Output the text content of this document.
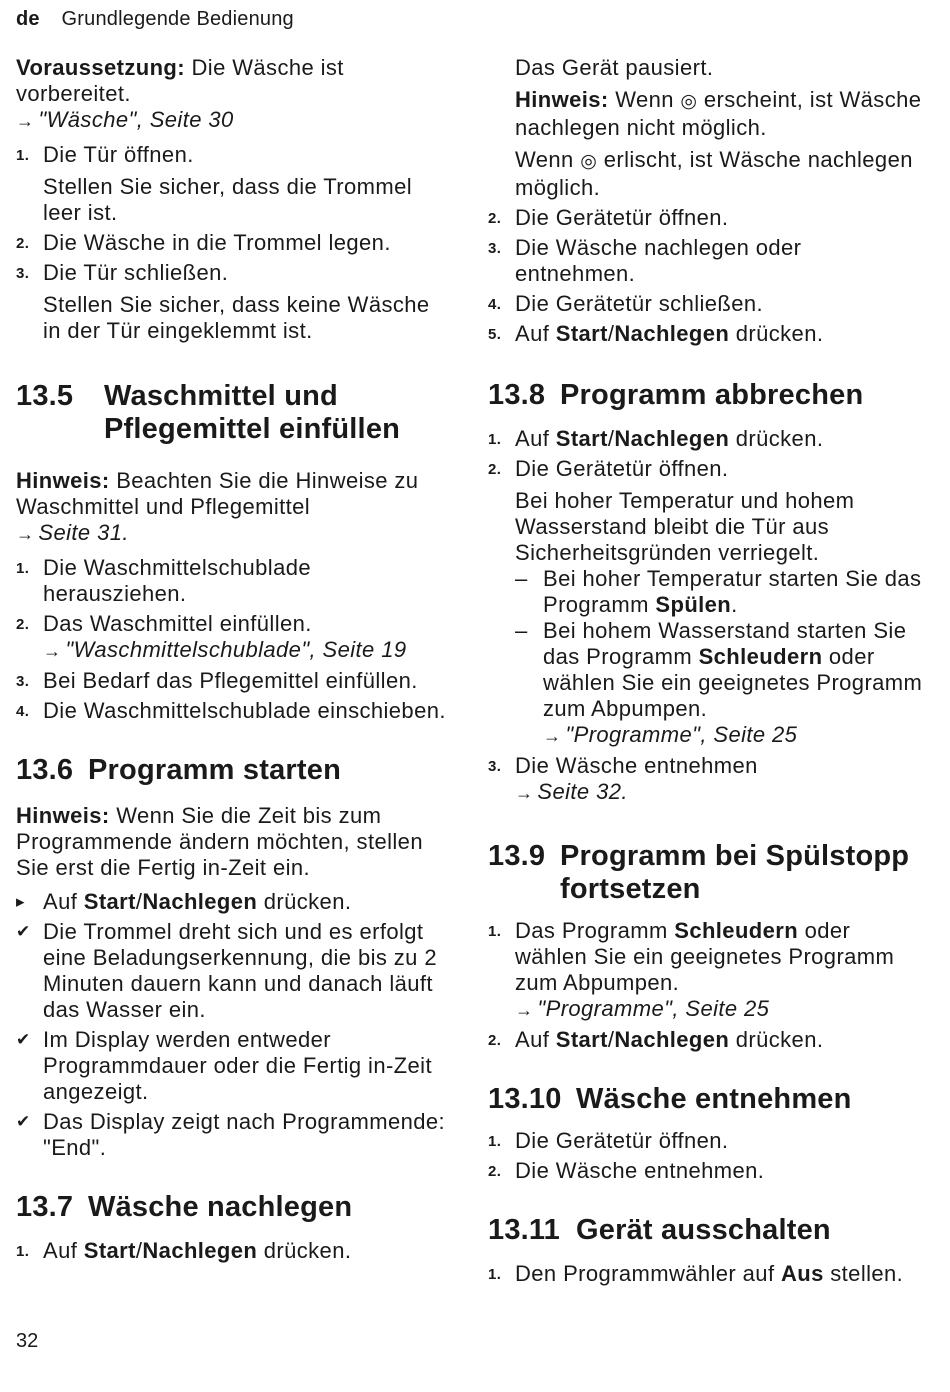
de Grundlegende Bedienung

Voraussetzung: Die Wäsche ist vorbereitet.
→ "Wäsche", Seite 30

1. Die Tür öffnen.
Stellen Sie sicher, dass die Trommel leer ist.
2. Die Wäsche in die Trommel legen.
3. Die Tür schließen.
Stellen Sie sicher, dass keine Wäsche in der Tür eingeklemmt ist.
13.5 Waschmittel und Pflegemittel einfüllen

Hinweis: Beachten Sie die Hinweise zu Waschmittel und Pflegemittel
→ Seite 31.

1. Die Waschmittelschublade herausziehen.
2. Das Waschmittel einfüllen.
→ "Waschmittelschublade", Seite 19
3. Bei Bedarf das Pflegemittel einfüllen.
4. Die Waschmittelschublade einschieben.
13.6 Programm starten

Hinweis: Wenn Sie die Zeit bis zum Programmende ändern möchten, stellen Sie erst die Fertig in-Zeit ein.

▸ Auf Start/Nachlegen drücken.
✔ Die Trommel dreht sich und es erfolgt eine Beladungserkennung, die bis zu 2 Minuten dauern kann und danach läuft das Wasser ein.
✔ Im Display werden entweder Programmdauer oder die Fertig in-Zeit angezeigt.
✔ Das Display zeigt nach Programmende: "End".
13.7 Wäsche nachlegen
1. Auf Start/Nachlegen drücken.
Das Gerät pausiert.
Hinweis: Wenn ◎ erscheint, ist Wäsche nachlegen nicht möglich.
Wenn ◎ erlischt, ist Wäsche nachlegen möglich.
2. Die Gerätetür öffnen.
3. Die Wäsche nachlegen oder entnehmen.
4. Die Gerätetür schließen.
5. Auf Start/Nachlegen drücken.
13.8 Programm abbrechen
1. Auf Start/Nachlegen drücken.
2. Die Gerätetür öffnen.
Bei hoher Temperatur und hohem Wasserstand bleibt die Tür aus Sicherheitsgründen verriegelt.
– Bei hoher Temperatur starten Sie das Programm Spülen.
– Bei hohem Wasserstand starten Sie das Programm Schleudern oder wählen Sie ein geeignetes Programm zum Abpumpen.
→ "Programme", Seite 25
3. Die Wäsche entnehmen
→ Seite 32.
13.9 Programm bei Spülstopp fortsetzen
1. Das Programm Schleudern oder wählen Sie ein geeignetes Programm zum Abpumpen.
→ "Programme", Seite 25
2. Auf Start/Nachlegen drücken.
13.10 Wäsche entnehmen
1. Die Gerätetür öffnen.
2. Die Wäsche entnehmen.
13.11 Gerät ausschalten
1. Den Programmwähler auf Aus stellen.
32
